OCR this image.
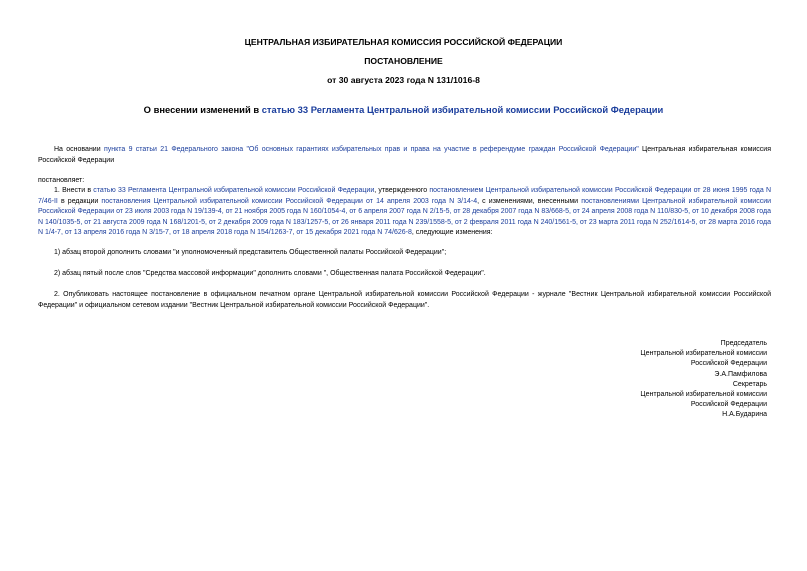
ЦЕНТРАЛЬНАЯ ИЗБИРАТЕЛЬНАЯ КОМИССИЯ РОССИЙСКОЙ ФЕДЕРАЦИИ
ПОСТАНОВЛЕНИЕ
от 30 августа 2023 года N 131/1016-8
О внесении изменений в статью 33 Регламента Центральной избирательной комиссии Российской Федерации
На основании пункта 9 статьи 21 Федерального закона "Об основных гарантиях избирательных прав и права на участие в референдуме граждан Российской Федерации" Центральная избирательная комиссия Российской Федерации
постановляет:
1. Внести в статью 33 Регламента Центральной избирательной комиссии Российской Федерации, утвержденного постановлением Центральной избирательной комиссии Российской Федерации от 28 июня 1995 года N 7/46-II в редакции постановления Центральной избирательной комиссии Российской Федерации от 14 апреля 2003 года N 3/14-4, с изменениями, внесенными постановлениями Центральной избирательной комиссии Российской Федерации от 23 июля 2003 года N 19/139-4, от 21 ноября 2005 года N 160/1054-4, от 6 апреля 2007 года N 2/15-5, от 28 декабря 2007 года N 83/668-5, от 24 апреля 2008 года N 110/830-5, от 10 декабря 2008 года N 140/1035-5, от 21 августа 2009 года N 168/1201-5, от 2 декабря 2009 года N 183/1257-5, от 26 января 2011 года N 239/1558-5, от 2 февраля 2011 года N 240/1561-5, от 23 марта 2011 года N 252/1614-5, от 28 марта 2016 года N 1/4-7, от 13 апреля 2016 года N 3/15-7, от 18 апреля 2018 года N 154/1263-7, от 15 декабря 2021 года N 74/626-8, следующие изменения:
1) абзац второй дополнить словами "и уполномоченный представитель Общественной палаты Российской Федерации";
2) абзац пятый после слов "Средства массовой информации" дополнить словами ", Общественная палата Российской Федерации".
2. Опубликовать настоящее постановление в официальном печатном органе Центральной избирательной комиссии Российской Федерации - журнале "Вестник Центральной избирательной комиссии Российской Федерации" и официальном сетевом издании "Вестник Центральной избирательной комиссии Российской Федерации".
Председатель
Центральной избирательной комиссии
Российской Федерации
Э.А.Памфилова
Секретарь
Центральной избирательной комиссии
Российской Федерации
Н.А.Бударина
